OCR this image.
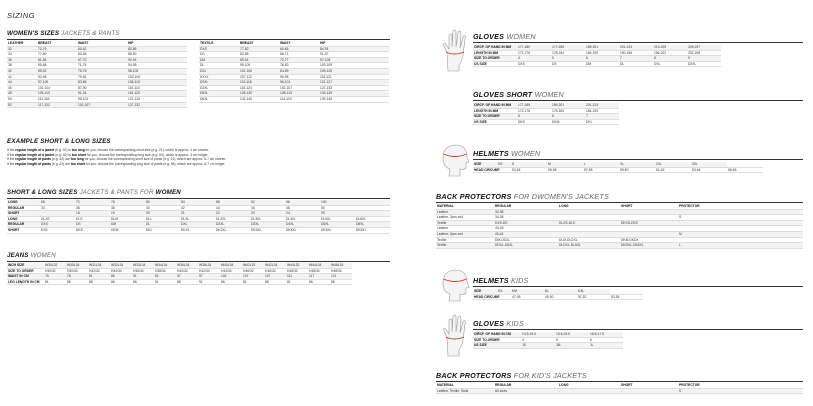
SIZING
WOMEN'S SIZES JACKETS & PANTS
LEATHER	BREAST	WAIST	HIP
32	72-76	60-62	82-86
34	77-80	63-66	86-90
36	81-84	67-70	90-94
38	85-88	71-74	94-98
40	89-92	75-78	98-102
42	93-96	79-82	102-106
44	97-100	83-86	106-110
46	101-104	87-90	110-114
48	105-110	91-94	115-120
50	111-116	95-101	121-126
52	117-122	102-107	127-132
TEXTILE	BREAST	WAIST	HIP
DXS	77-82	60-65	84-91
DS	83-88	66-71	91-97
DM	89-94	72-77	97-103
DL	95-100	78-83	103-109
DXL	101-106	84-89	109-115
DXXL	107-112	90-95	115-121
D3XL	113-118	96-101	121-127
D4XL	119-124	102-107	127-133
D5XL	125-130	108-113	133-139
D6XL	131-140	114-119	139-145
EXAMPLE SHORT & LONG SIZES
If the regular length of a jacket (e.g. 42) is too long for you, choose the corresponding short size (e.g. 21), which is approx. 4 cm shorter.
If the regular length of a jacket (e.g. 42) is too short for you, choose the corresponding long size (e.g. 84), which is approx. 4 cm longer.
If the regular length of pants (e.g. 42) are too long for you, choose the corresponding short size of pants (e.g. 21), which are approx. 6-7 cm shorter.
If the regular length of pants (e.g. 42) are too short for you, choose the corresponding long size of pants (e.g. 84), which are approx. 6-7 cm longer.
SHORT & LONG SIZES JACKETS & PANTS FOR WOMEN
LONG	68	72	76	80	84	88	92	96	100	
REGULAR	34	36	38	40	42	44	46	48	50	
SHORT		18	19	20	21	22	23	24	25	
LONG	DLXS	DLS	DLM	DLL	DLXL	DL2XL	DL3XL	DL4XL	DL5XL	DL6XL
REGULAR	DXS	DS	DM	DL	DXL	D2XL	D3XL	D4XL	D5XL	D6XL
SHORT	KXS	DKS	DKM	DKL	DKXL	DK2XL	DK3XL	DK4XL	DK5XL	DK6XL
JEANS WOMEN
INCH SIZE	W30L32	W30L34	W31L34	W32L34	W33L34	W34L34	W36L34	W38L34	W40L34	W42L32	W42L34	W44L32	W44L34	W46L34
SIZE TO ORDER	H30/32	H30/34	H32/34	H34/34	H36/34	H38/34	H40/34	H42/34	H44/34	H46/32	H46/34	H48/32	H48/34	H48/34
WAIST IN CM	76	76	81	86	91	91	97	97	102	107	107	111	117	121
LEG LENGTH IN CM	81	86	86	86	86	91	86	91	86	81	86	81	86	86
GLOVES WOMEN
CIRCF. OF HAND IN MM	177-180	177-189	189-201	201-213	213-225	225-237
LENGTH IN MM	172-178	178-184	184-190	190-196	196-202	202-208
SIZE TO ORDER	4	5	6	7	8	9
US SIZE	DXS	DS	DM	DL	DXL	D2XL
GLOVES SHORT WOMEN
CIRCF. OF HAND IN MM	177-189	189-201	201-213
LENGTH IN MM	172-178	178-184	184-190
SIZE TO ORDER	5	6	7
US SIZE	DKS	DKM	DKL
HELMETS WOMEN
SIZE	XS	S	M	L	XL	2XL	3XL	
HEAD CIRCUMF.		53-54	55-56	57-58	59-60	61-62	63-64	65-66
BACK PROTECTORS FOR DWOMEN'S JACKETS
MATERIAL	REGULAR	LONG	SHORT	PROTECTOR
Leather	34-38			
Leather, 2pcs suit	34-38			S
Textile	DXS-DS	DLXS-DLS	DKXS-DKS	
Leather	40-46			
Leather, 2pcs suit	40-44			M
Textile	DM-DDXL	DLM-DLDXL	DKM-DKDX	
Textile	DDXL-D6XL	DLDXL-DL6XL	DKDXL-DK6XL	L
HELMETS KIDS
SIZE	KS	KM	KL	KXL	
HEAD CIRCUMF.		47-48	49-50	51-52	53-54
GLOVES KIDS
CIRCF. OF HAND IN CM	14.5-15.5	15.5-16.5	16.5-17.5
SIZE TO ORDER	4	5	6
US SIZE	JS	JM	JL
BACK PROTECTORS FOR KID'S JACKETS
MATERIAL	REGULAR	LONG	SHORT	PROTECTOR
Leather, Textile, Suits	All sizes	-	-	S
